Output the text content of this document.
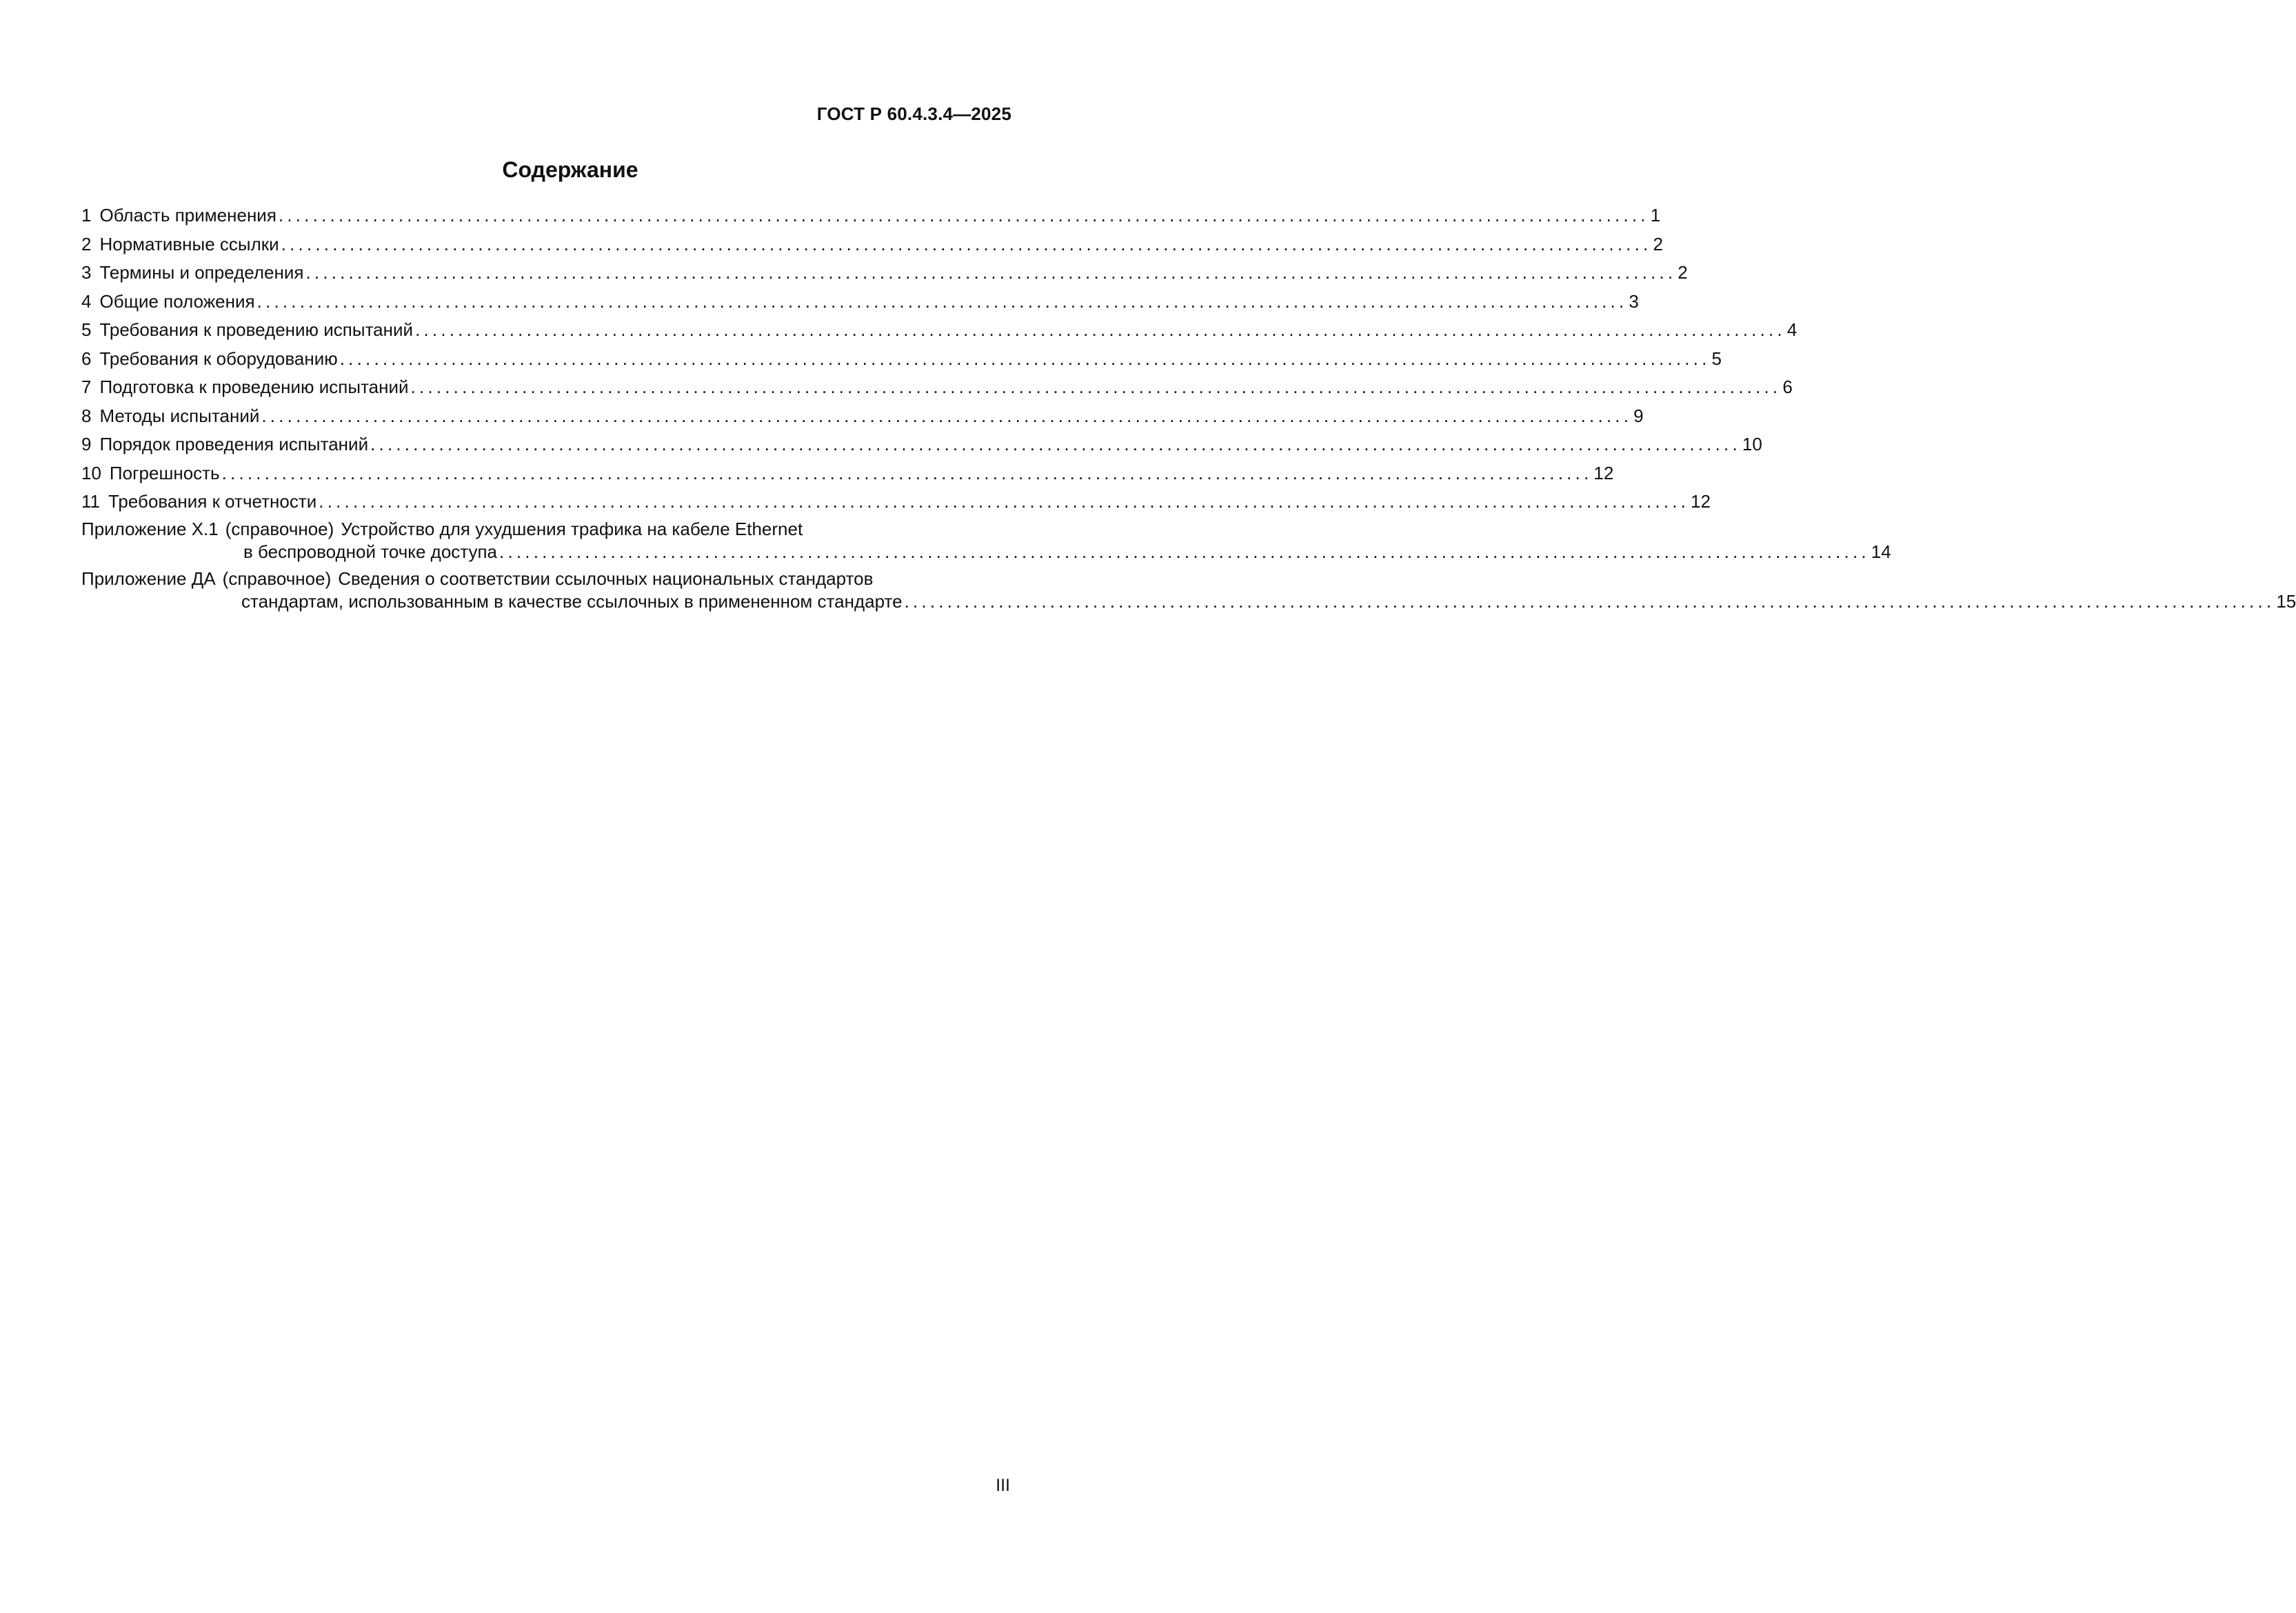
ГОСТ Р 60.4.3.4—2025
Содержание
1 Область применения ................................................................................................................................................................ 1
2 Нормативные ссылки ................................................................................................................................................................ 2
3 Термины и определения ................................................................................................................................................................ 2
4 Общие положения ................................................................................................................................................................ 3
5 Требования к проведению испытаний ................................................................................................................................................................ 4
6 Требования к оборудованию ................................................................................................................................................................ 5
7 Подготовка к проведению испытаний ................................................................................................................................................................ 6
8 Методы испытаний ................................................................................................................................................................ 9
9 Порядок проведения испытаний ................................................................................................................................................................ 10
10 Погрешность ................................................................................................................................................................ 12
11 Требования к отчетности ................................................................................................................................................................ 12
Приложение Х.1 (справочное) Устройство для ухудшения трафика на кабеле Ethernet
в беспроводной точке доступа ................................................................................................................................................................ 14
Приложение ДА (справочное) Сведения о соответствии ссылочных национальных стандартов
стандартам, использованным в качестве ссылочных в примененном стандарте ................................................................................................................................................................ 15
III
